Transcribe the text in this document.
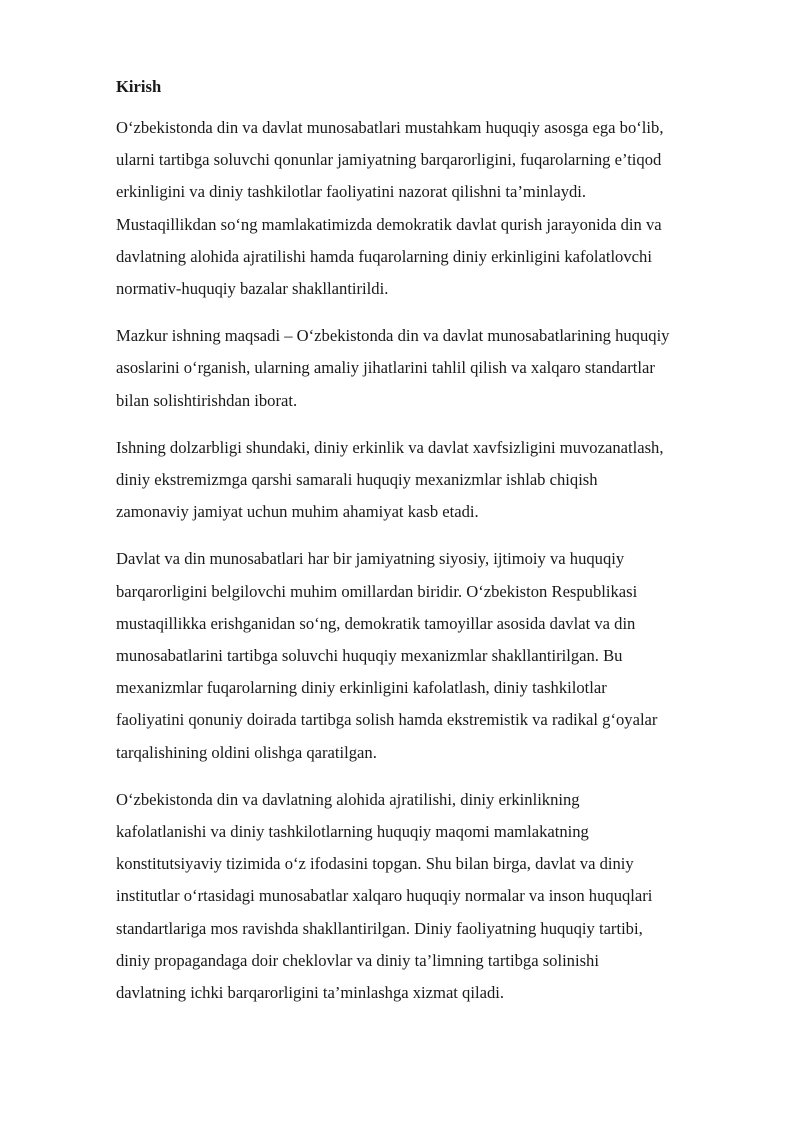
Kirish
O‘zbekistonda din va davlat munosabatlari mustahkam huquqiy asosga ega bo‘lib,
ularni tartibga soluvchi qonunlar jamiyatning barqarorligini, fuqarolarning e’tiqod
erkinligini va diniy tashkilotlar faoliyatini nazorat qilishni ta’minlaydi.
Mustaqillikdan so‘ng mamlakatimizda demokratik davlat qurish jarayonida din va
davlatning alohida ajratilishi hamda fuqarolarning diniy erkinligini kafolatlovchi
normativ-huquqiy bazalar shakllantirildi.
Mazkur ishning maqsadi – O‘zbekistonda din va davlat munosabatlarining huquqiy
asoslarini o‘rganish, ularning amaliy jihatlarini tahlil qilish va xalqaro standartlar
bilan solishtirishdan iborat.
Ishning dolzarbligi shundaki, diniy erkinlik va davlat xavfsizligini muvozanatlash,
diniy ekstremizmga qarshi samarali huquqiy mexanizmlar ishlab chiqish
zamonaviy jamiyat uchun muhim ahamiyat kasb etadi.
Davlat va din munosabatlari har bir jamiyatning siyosiy, ijtimoiy va huquqiy
barqarorligini belgilovchi muhim omillardan biridir. O‘zbekiston Respublikasi
mustaqillikka erishganidan so‘ng, demokratik tamoyillar asosida davlat va din
munosabatlarini tartibga soluvchi huquqiy mexanizmlar shakllantirilgan. Bu
mexanizmlar fuqarolarning diniy erkinligini kafolatlash, diniy tashkilotlar
faoliyatini qonuniy doirada tartibga solish hamda ekstremistik va radikal g‘oyalar
tarqalishining oldini olishga qaratilgan.
O‘zbekistonda din va davlatning alohida ajratilishi, diniy erkinlikning
kafolatlanishi va diniy tashkilotlarning huquqiy maqomi mamlakatning
konstitutsiyaviy tizimida o‘z ifodasini topgan. Shu bilan birga, davlat va diniy
institutlar o‘rtasidagi munosabatlar xalqaro huquqiy normalar va inson huquqlari
standartlariga mos ravishda shakllantirilgan. Diniy faoliyatning huquqiy tartibi,
diniy propagandaga doir cheklovlar va diniy ta’limning tartibga solinishi
davlatning ichki barqarorligini ta’minlashga xizmat qiladi.
